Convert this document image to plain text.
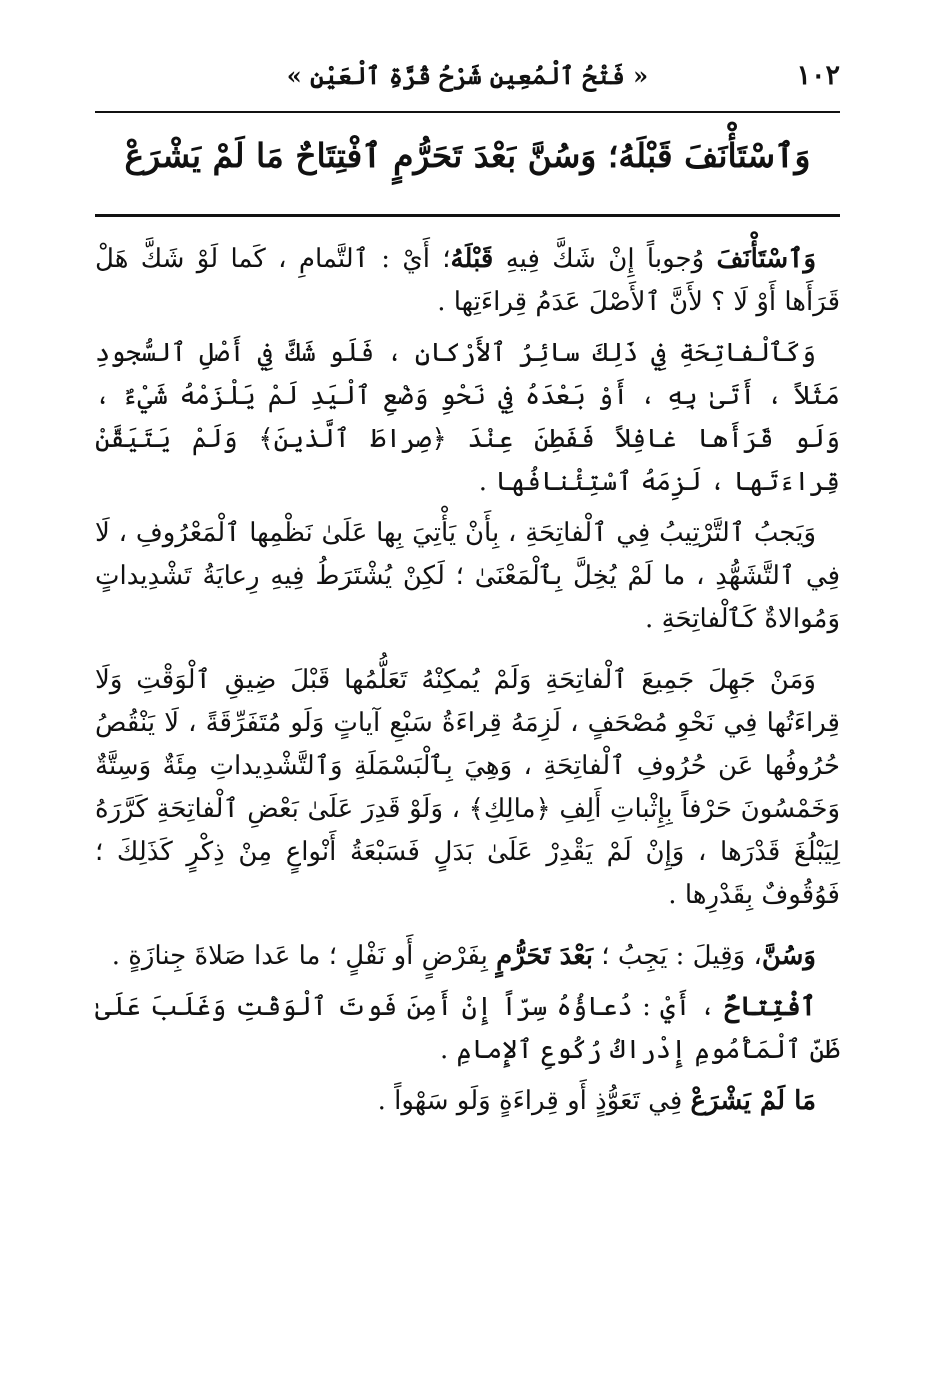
١٠٢
« فَتْحُ ٱلْمُعِينِ شَرْحُ قُرَّةِ ٱلْعَيْنِ »
وَٱسْتَأْنَفَ قَبْلَهُ؛ وَسُنَّ بَعْدَ تَحَرُّمٍ ٱفْتِتَاحٌ مَا لَمْ يَشْرَعْ

وَٱسْتَأْنَفَ وُجوباً إِنْ شَكَّ فِيهِ قَبْلَهُ؛ أَيْ : ٱلتَّمامِ ، كَما لَوْ شَكَّ هَلْ قَرَأَها أَوْ لَا ؟ لأَنَّ ٱلأَصْلَ عَدَمُ قِراءَتِها .

وَكَٱلْفاتِحَةِ فِي ذَلِكَ سائِرُ ٱلأَرْكانِ ، فَلَو شَكَّ فِي أَصْلِ ٱلسُّجودِ مَثَلاً ، أَتَىٰ بِهِ ، أَوْ بَعْدَهُ فِي نَحْوِ وَضْعِ ٱلْيَدِ لَمْ يَلْزَمْهُ شَيْءٌ ، وَلَو قَرَأَها غافِلاً فَفَطِنَ عِنْدَ ﴿صِراطَ ٱلَّذينَ﴾ وَلَمْ يَتَيَقَّنْ قِراءَتَها ، لَزِمَهُ ٱسْتِئْنافُها .

وَيَجبُ ٱلتَّرْتِيبُ فِي ٱلْفاتِحَةِ ، بِأَنْ يَأْتِيَ بِها عَلَىٰ نَظْمِها ٱلْمَعْرُوفِ ، لَا فِي ٱلتَّشَهُّدِ ، ما لَمْ يُخِلَّ بِٱلْمَعْنَىٰ ؛ لَكِنْ يُشْتَرَطُ فِيهِ رِعايَةُ تَشْدِيداتٍ وَمُوالاةٌ كَٱلْفاتِحَةِ .

وَمَنْ جَهِلَ جَمِيعَ ٱلْفاتِحَةِ وَلَمْ يُمكِنْهُ تَعَلُّمُها قَبْلَ ضِيقِ ٱلْوَقْتِ وَلَا قِراءَتُها فِي نَحْوِ مُصْحَفٍ ، لَزِمَهُ قِراءَةُ سَبْعِ آياتٍ وَلَو مُتَفَرِّقَةً ، لَا يَنْقُصُ حُرُوفُها عَن حُرُوفِ ٱلْفاتِحَةِ ، وَهِيَ بِٱلْبَسْمَلَةِ وَٱلتَّشْدِيداتِ مِئَةٌ وَسِتَّةٌ وَخَمْسُونَ حَرْفاً بِإِثْباتِ أَلِفِ ﴿مالِكِ﴾ ، وَلَوْ قَدِرَ عَلَىٰ بَعْضِ ٱلْفاتِحَةِ كَرَّرَهُ لِيَبْلُغَ قَدْرَها ، وَإِنْ لَمْ يَقْدِرْ عَلَىٰ بَدَلٍ فَسَبْعَةُ أَنْواعٍ مِنْ ذِكْرٍ كَذَلِكَ ؛ فَوُقُوفٌ بِقَدْرِها .

وَسُنَّ، وَقِيلَ : يَجِبُ ؛ بَعْدَ تَحَرُّمٍ بِفَرْضٍ أَو نَفْلٍ ؛ ما عَدا صَلاةَ جِنازَةٍ .

ٱفْتِتاحٌ ، أَيْ : دُعاؤُهُ سِرّاً إِنْ أَمِنَ فَوتَ ٱلْوَقْتِ وَغَلَبَ عَلَىٰ ظَنِّ ٱلْمَأْمُومِ إِدْراكُ رُكُوعِ ٱلإِمامِ .

مَا لَمْ يَشْرَعْ فِي تَعَوُّذٍ أَو قِراءَةٍ وَلَو سَهْواً .
